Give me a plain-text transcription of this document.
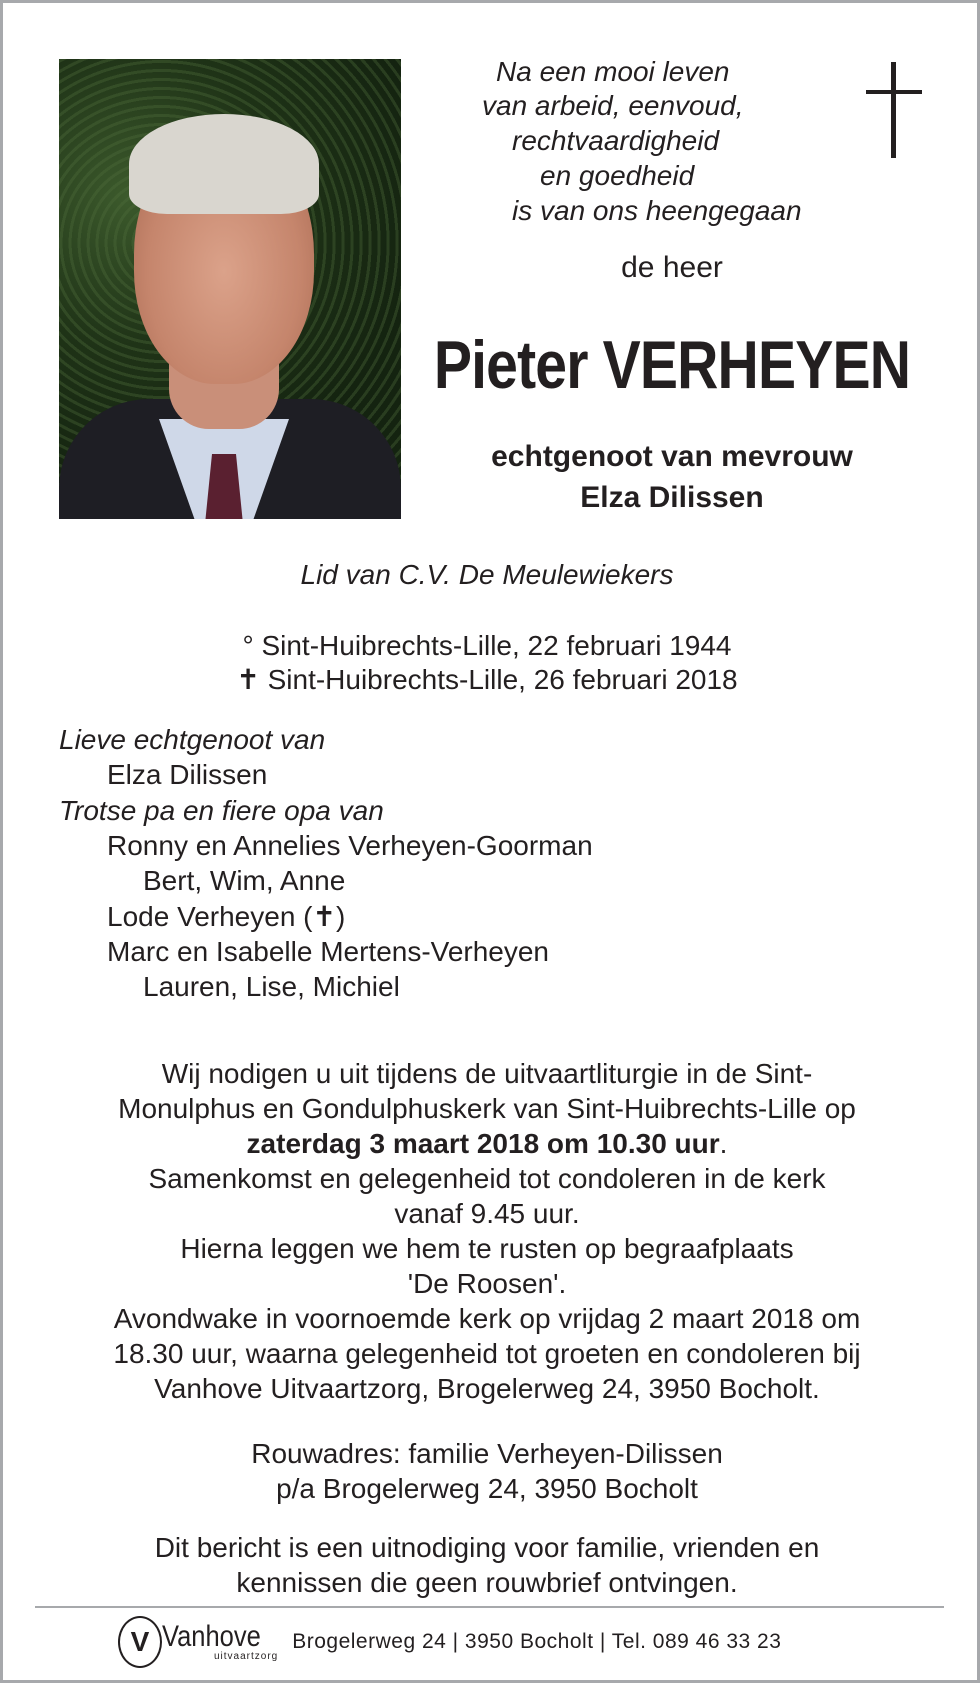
Na een mooi leven
van arbeid, eenvoud,
rechtvaardigheid
en goedheid
is van ons heengegaan
de heer
Pieter VERHEYEN
echtgenoot van mevrouw
Elza Dilissen
Lid van C.V. De Meulewiekers
° Sint-Huibrechts-Lille, 22 februari 1944
✝ Sint-Huibrechts-Lille, 26 februari 2018
Lieve echtgenoot van
Elza Dilissen
Trotse pa en fiere opa van
Ronny en Annelies Verheyen-Goorman
Bert, Wim, Anne
Lode Verheyen (✝)
Marc en Isabelle Mertens-Verheyen
Lauren, Lise, Michiel
Wij nodigen u uit tijdens de uitvaartliturgie in de Sint-
Monulphus en Gondulphuskerk van Sint-Huibrechts-Lille op
zaterdag 3 maart 2018 om 10.30 uur.
Samenkomst en gelegenheid tot condoleren in de kerk
vanaf 9.45 uur.
Hierna leggen we hem te rusten op begraafplaats
'De Roosen'.
Avondwake in voornoemde kerk op vrijdag 2 maart 2018 om
18.30 uur, waarna gelegenheid tot groeten en condoleren bij
Vanhove Uitvaartzorg, Brogelerweg 24, 3950 Bocholt.
Rouwadres: familie Verheyen-Dilissen
p/a Brogelerweg 24, 3950 Bocholt
Dit bericht is een uitnodiging voor familie, vrienden en
kennissen die geen rouwbrief ontvingen.
V Vanhove
uitvaartzorg
Brogelerweg 24 | 3950 Bocholt | Tel. 089 46 33 23
